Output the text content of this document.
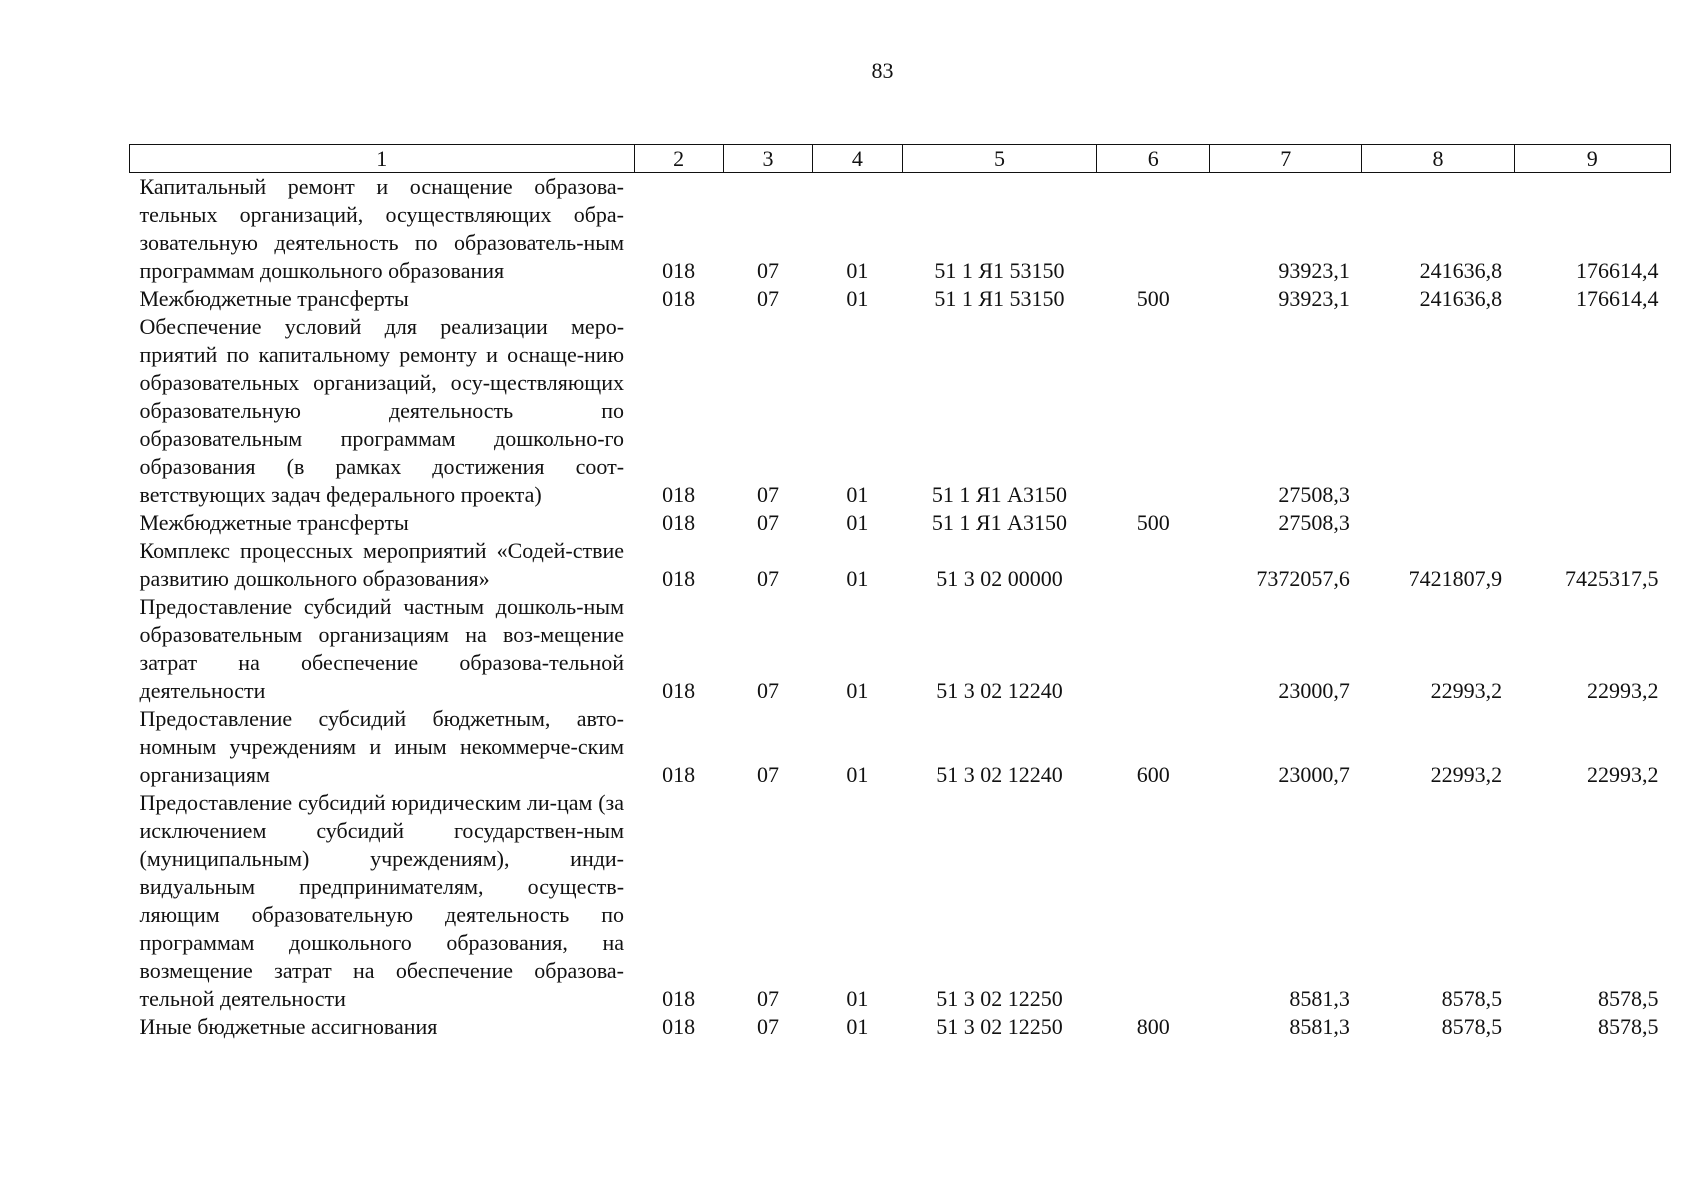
83
1	2	3	4	5	6	7	8	9
Капитальный ремонт и оснащение образова-тельных организаций, осуществляющих обра-зовательную деятельность по образователь-ным программам дошкольного образования	018	07	01	51 1 Я1 53150		93923,1	241636,8	176614,4
Межбюджетные трансферты	018	07	01	51 1 Я1 53150	500	93923,1	241636,8	176614,4
Обеспечение условий для реализации меро-приятий по капитальному ремонту и оснаще-нию образовательных организаций, осу-ществляющих образовательную деятельность по образовательным программам дошкольно-го образования (в рамках достижения соот-ветствующих задач федерального проекта)	018	07	01	51 1 Я1 А3150		27508,3		
Межбюджетные трансферты	018	07	01	51 1 Я1 А3150	500	27508,3		
Комплекс процессных мероприятий «Содей-ствие развитию дошкольного образования»	018	07	01	51 3 02 00000		7372057,6	7421807,9	7425317,5
Предоставление субсидий частным дошколь-ным образовательным организациям на воз-мещение затрат на обеспечение образова-тельной деятельности	018	07	01	51 3 02 12240		23000,7	22993,2	22993,2
Предоставление субсидий бюджетным, авто-номным учреждениям и иным некоммерче-ским организациям	018	07	01	51 3 02 12240	600	23000,7	22993,2	22993,2
Предоставление субсидий юридическим ли-цам (за исключением субсидий государствен-ным (муниципальным) учреждениям), инди-видуальным предпринимателям, осуществ-ляющим образовательную деятельность по программам дошкольного образования, на возмещение затрат на обеспечение образова-тельной деятельности	018	07	01	51 3 02 12250		8581,3	8578,5	8578,5
Иные бюджетные ассигнования	018	07	01	51 3 02 12250	800	8581,3	8578,5	8578,5
